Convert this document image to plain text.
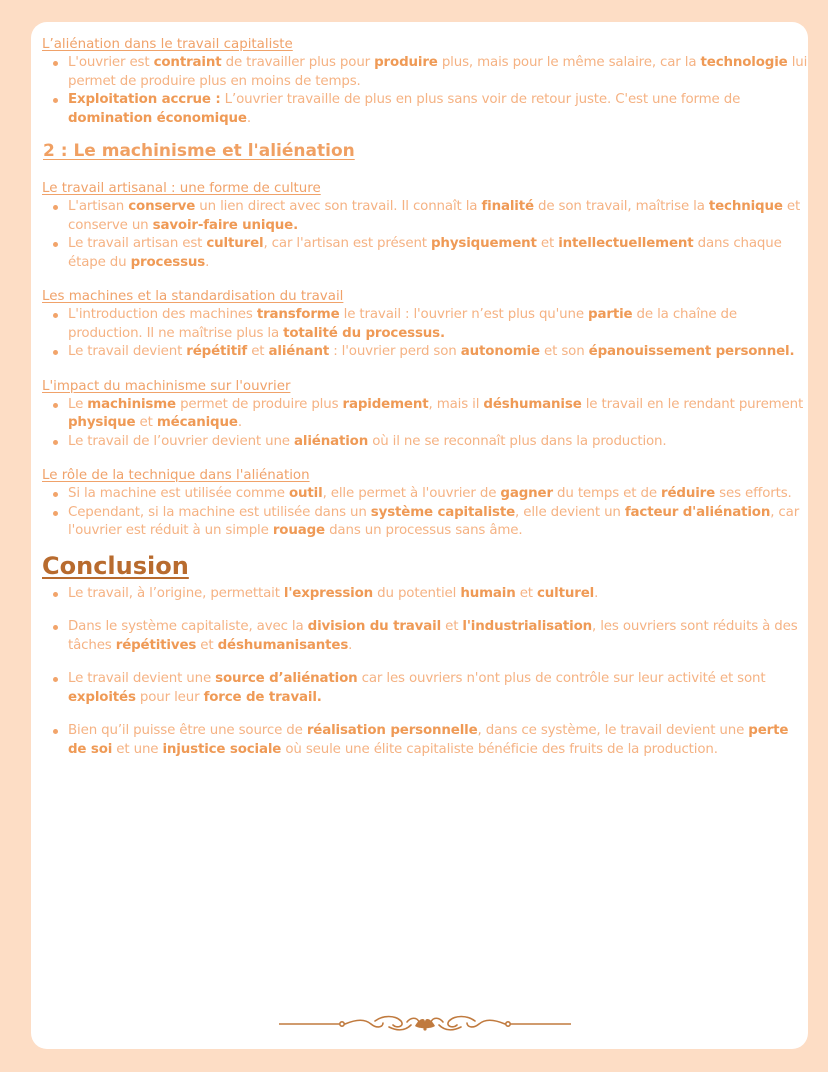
L’aliénation dans le travail capitaliste

L'ouvrier est contraint de travailler plus pour produire plus, mais pour le même salaire, car la technologie lui permet de produire plus en moins de temps.
Exploitation accrue : L’ouvrier travaille de plus en plus sans voir de retour juste. C'est une forme de domination économique.
2 : Le machinisme et l'aliénation

Le travail artisanal : une forme de culture

L'artisan conserve un lien direct avec son travail. Il connaît la finalité de son travail, maîtrise la technique et conserve un savoir-faire unique.
Le travail artisan est culturel, car l'artisan est présent physiquement et intellectuellement dans chaque étape du processus.

Les machines et la standardisation du travail

L'introduction des machines transforme le travail : l'ouvrier n’est plus qu'une partie de la chaîne de production. Il ne maîtrise plus la totalité du processus.
Le travail devient répétitif et aliénant : l'ouvrier perd son autonomie et son épanouissement personnel.

L'impact du machinisme sur l'ouvrier

Le machinisme permet de produire plus rapidement, mais il déshumanise le travail en le rendant purement physique et mécanique.
Le travail de l’ouvrier devient une aliénation où il ne se reconnaît plus dans la production.

Le rôle de la technique dans l'aliénation

Si la machine est utilisée comme outil, elle permet à l'ouvrier de gagner du temps et de réduire ses efforts.
Cependant, si la machine est utilisée dans un système capitaliste, elle devient un facteur d'aliénation, car l'ouvrier est réduit à un simple rouage dans un processus sans âme.
Conclusion
Le travail, à l’origine, permettait l'expression du potentiel humain et culturel.
Dans le système capitaliste, avec la division du travail et l'industrialisation, les ouvriers sont réduits à des tâches répétitives et déshumanisantes.
Le travail devient une source d’aliénation car les ouvriers n'ont plus de contrôle sur leur activité et sont exploités pour leur force de travail.
Bien qu’il puisse être une source de réalisation personnelle, dans ce système, le travail devient une perte de soi et une injustice sociale où seule une élite capitaliste bénéficie des fruits de la production.
